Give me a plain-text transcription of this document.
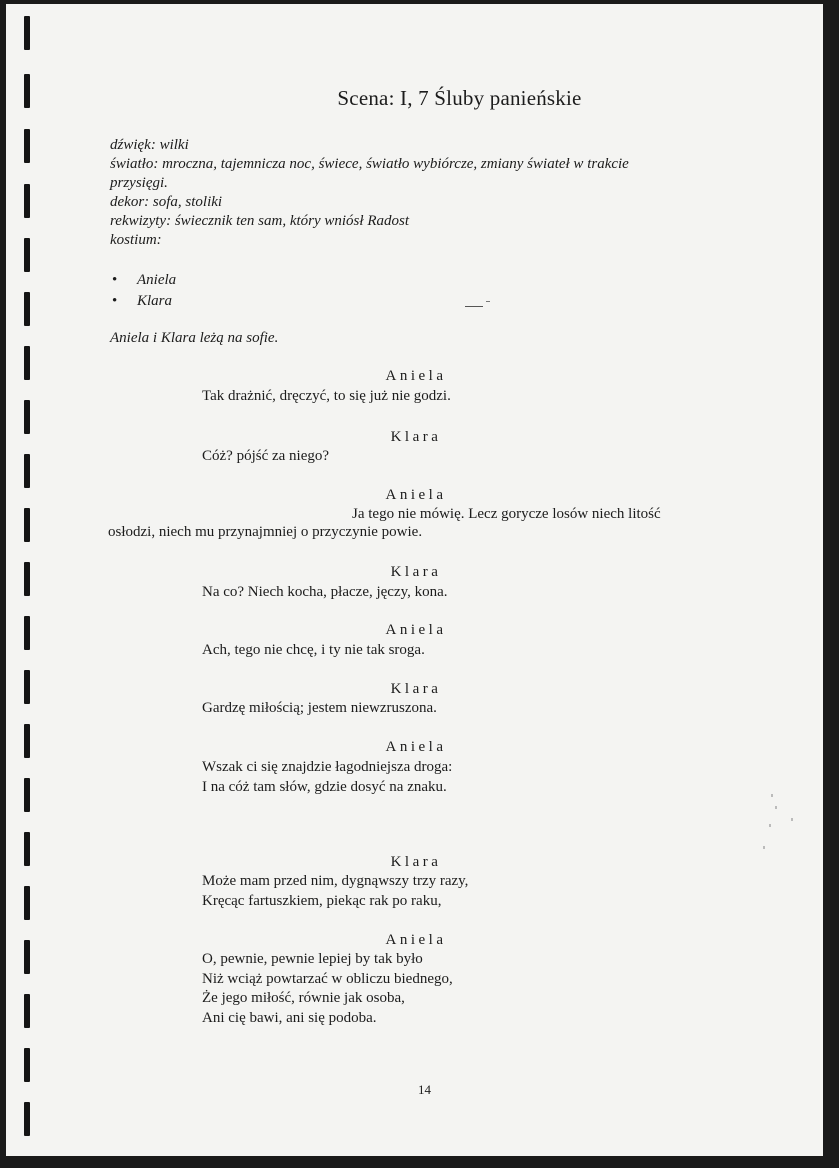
Scena: I, 7 Śluby panieńskie

dźwięk: wilki

światło: mroczna, tajemnicza noc, świece, światło wybiórcze, zmiany świateł w trakcie

przysięgi.

dekor: sofa, stoliki

rekwizyty: świecznik ten sam, który wniósł Radost

kostium:

• Aniela
• Klara
Aniela i Klara leżą na sofie.
Aniela

Tak drażnić, dręczyć, to się już nie godzi.

Klara

Cóż? pójść za niego?

Aniela
Ja tego nie mówię. Lecz gorycze losów niech litość
osłodzi, niech mu przynajmniej o przyczynie powie.
Klara

Na co? Niech kocha, płacze, jęczy, kona.

Aniela

Ach, tego nie chcę, i ty nie tak sroga.

Klara

Gardzę miłością; jestem niewzruszona.

Aniela

Wszak ci się znajdzie łagodniejsza droga:

I na cóż tam słów, gdzie dosyć na znaku.

Klara

Może mam przed nim, dygnąwszy trzy razy,

Kręcąc fartuszkiem, piekąc rak po raku,

Aniela

O, pewnie, pewnie lepiej by tak było

Niż wciąż powtarzać w obliczu biednego,

Że jego miłość, równie jak osoba,

Ani cię bawi, ani się podoba.

14
